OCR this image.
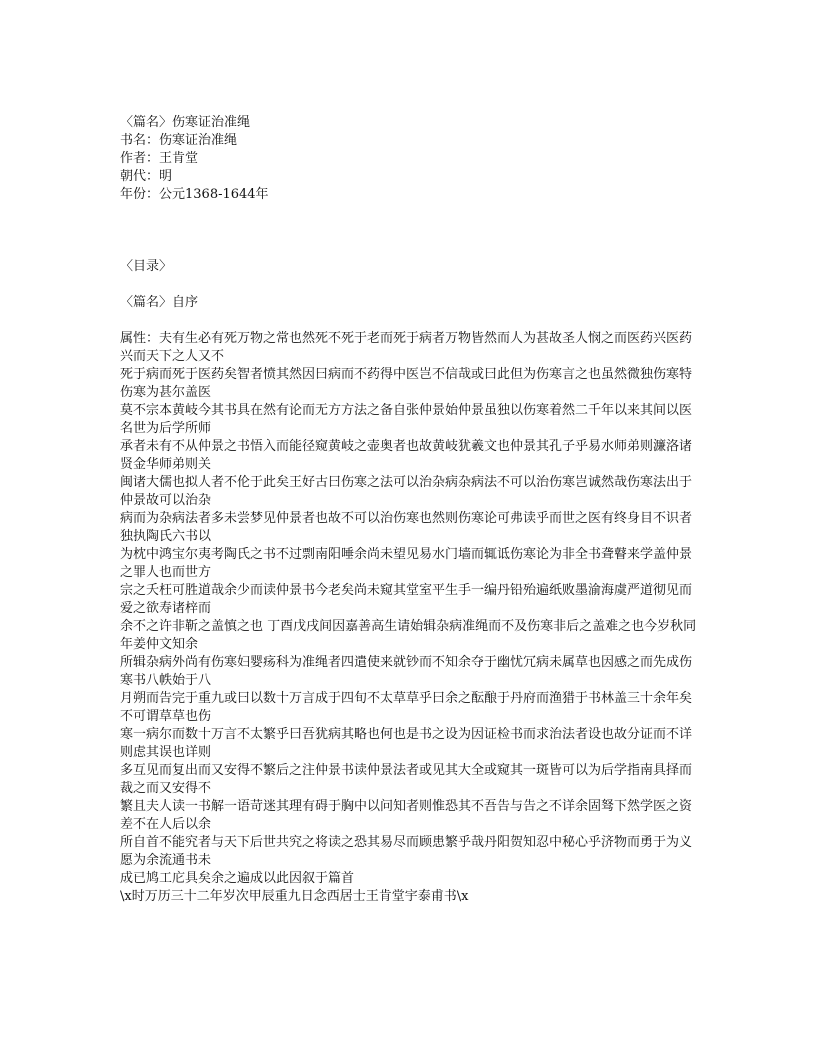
〈篇名〉伤寒证治准绳
书名：伤寒证治准绳
作者：王肯堂
朝代：明
年份：公元1368-1644年
〈目录〉
〈篇名〉自序
属性：夫有生必有死万物之常也然死不死于老而死于病者万物皆然而人为甚故圣人悯之而医药兴医药兴而天下之人又不
死于病而死于医药矣智者愤其然因曰病而不药得中医岂不信哉或曰此但为伤寒言之也虽然微独伤寒特伤寒为甚尔盖医
莫不宗本黄岐今其书具在然有论而无方方法之备自张仲景始仲景虽独以伤寒着然二千年以来其间以医名世为后学所师
承者未有不从仲景之书悟入而能径窥黄岐之壶奥者也故黄岐犹羲文也仲景其孔子乎易水师弟则濂洛诸贤金华师弟则关
闽诸大儒也拟人者不伦于此矣王好古曰伤寒之法可以治杂病杂病法不可以治伤寒岂诚然哉伤寒法出于仲景故可以治杂
病而为杂病法者多未尝梦见仲景者也故不可以治伤寒也然则伤寒论可弗读乎而世之医有终身目不识者独执陶氏六书以
为枕中鸿宝尔夷考陶氏之书不过剽南阳唾余尚未望见易水门墙而辄诋伤寒论为非全书聋瞽来学盖仲景之罪人也而世方
宗之夭枉可胜道哉余少而读仲景书今老矣尚未窥其堂室平生手一编丹铅殆遍纸败墨渝海虞严道彻见而爱之欲寿诸梓而
余不之许非靳之盖慎之也 丁酉戊戌间因嘉善高生请始辑杂病准绳而不及伤寒非后之盖难之也今岁秋同年姜仲文知余
所辑杂病外尚有伤寒妇婴疡科为准绳者四遣使来就钞而不知余夺于幽忧冗病未属草也因感之而先成伤寒书八帙始于八
月朔而告完于重九或曰以数十万言成于四旬不太草草乎曰余之酝酿于丹府而渔猎于书林盖三十余年矣不可谓草草也伤
寒一病尔而数十万言不太繁乎曰吾犹病其略也何也是书之设为因证检书而求治法者设也故分证而不详则虑其误也详则
多互见而复出而又安得不繁后之注仲景书读仲景法者或见其大全或窥其一斑皆可以为后学指南具择而裁之而又安得不
繁且夫人读一书解一语苛迷其理有碍于胸中以问知者则惟恐其不吾告与告之不详余固驽下然学医之资差不在人后以余
所自首不能究者与天下后世共究之将读之恐其易尽而顾患繁乎哉丹阳贺知忍中秘心乎济物而勇于为义愿为余流通书未
成已鸠工庀具矣余之遍成以此因叙于篇首
\x时万历三十二年岁次甲辰重九日念西居士王肯堂宇泰甫书\x
